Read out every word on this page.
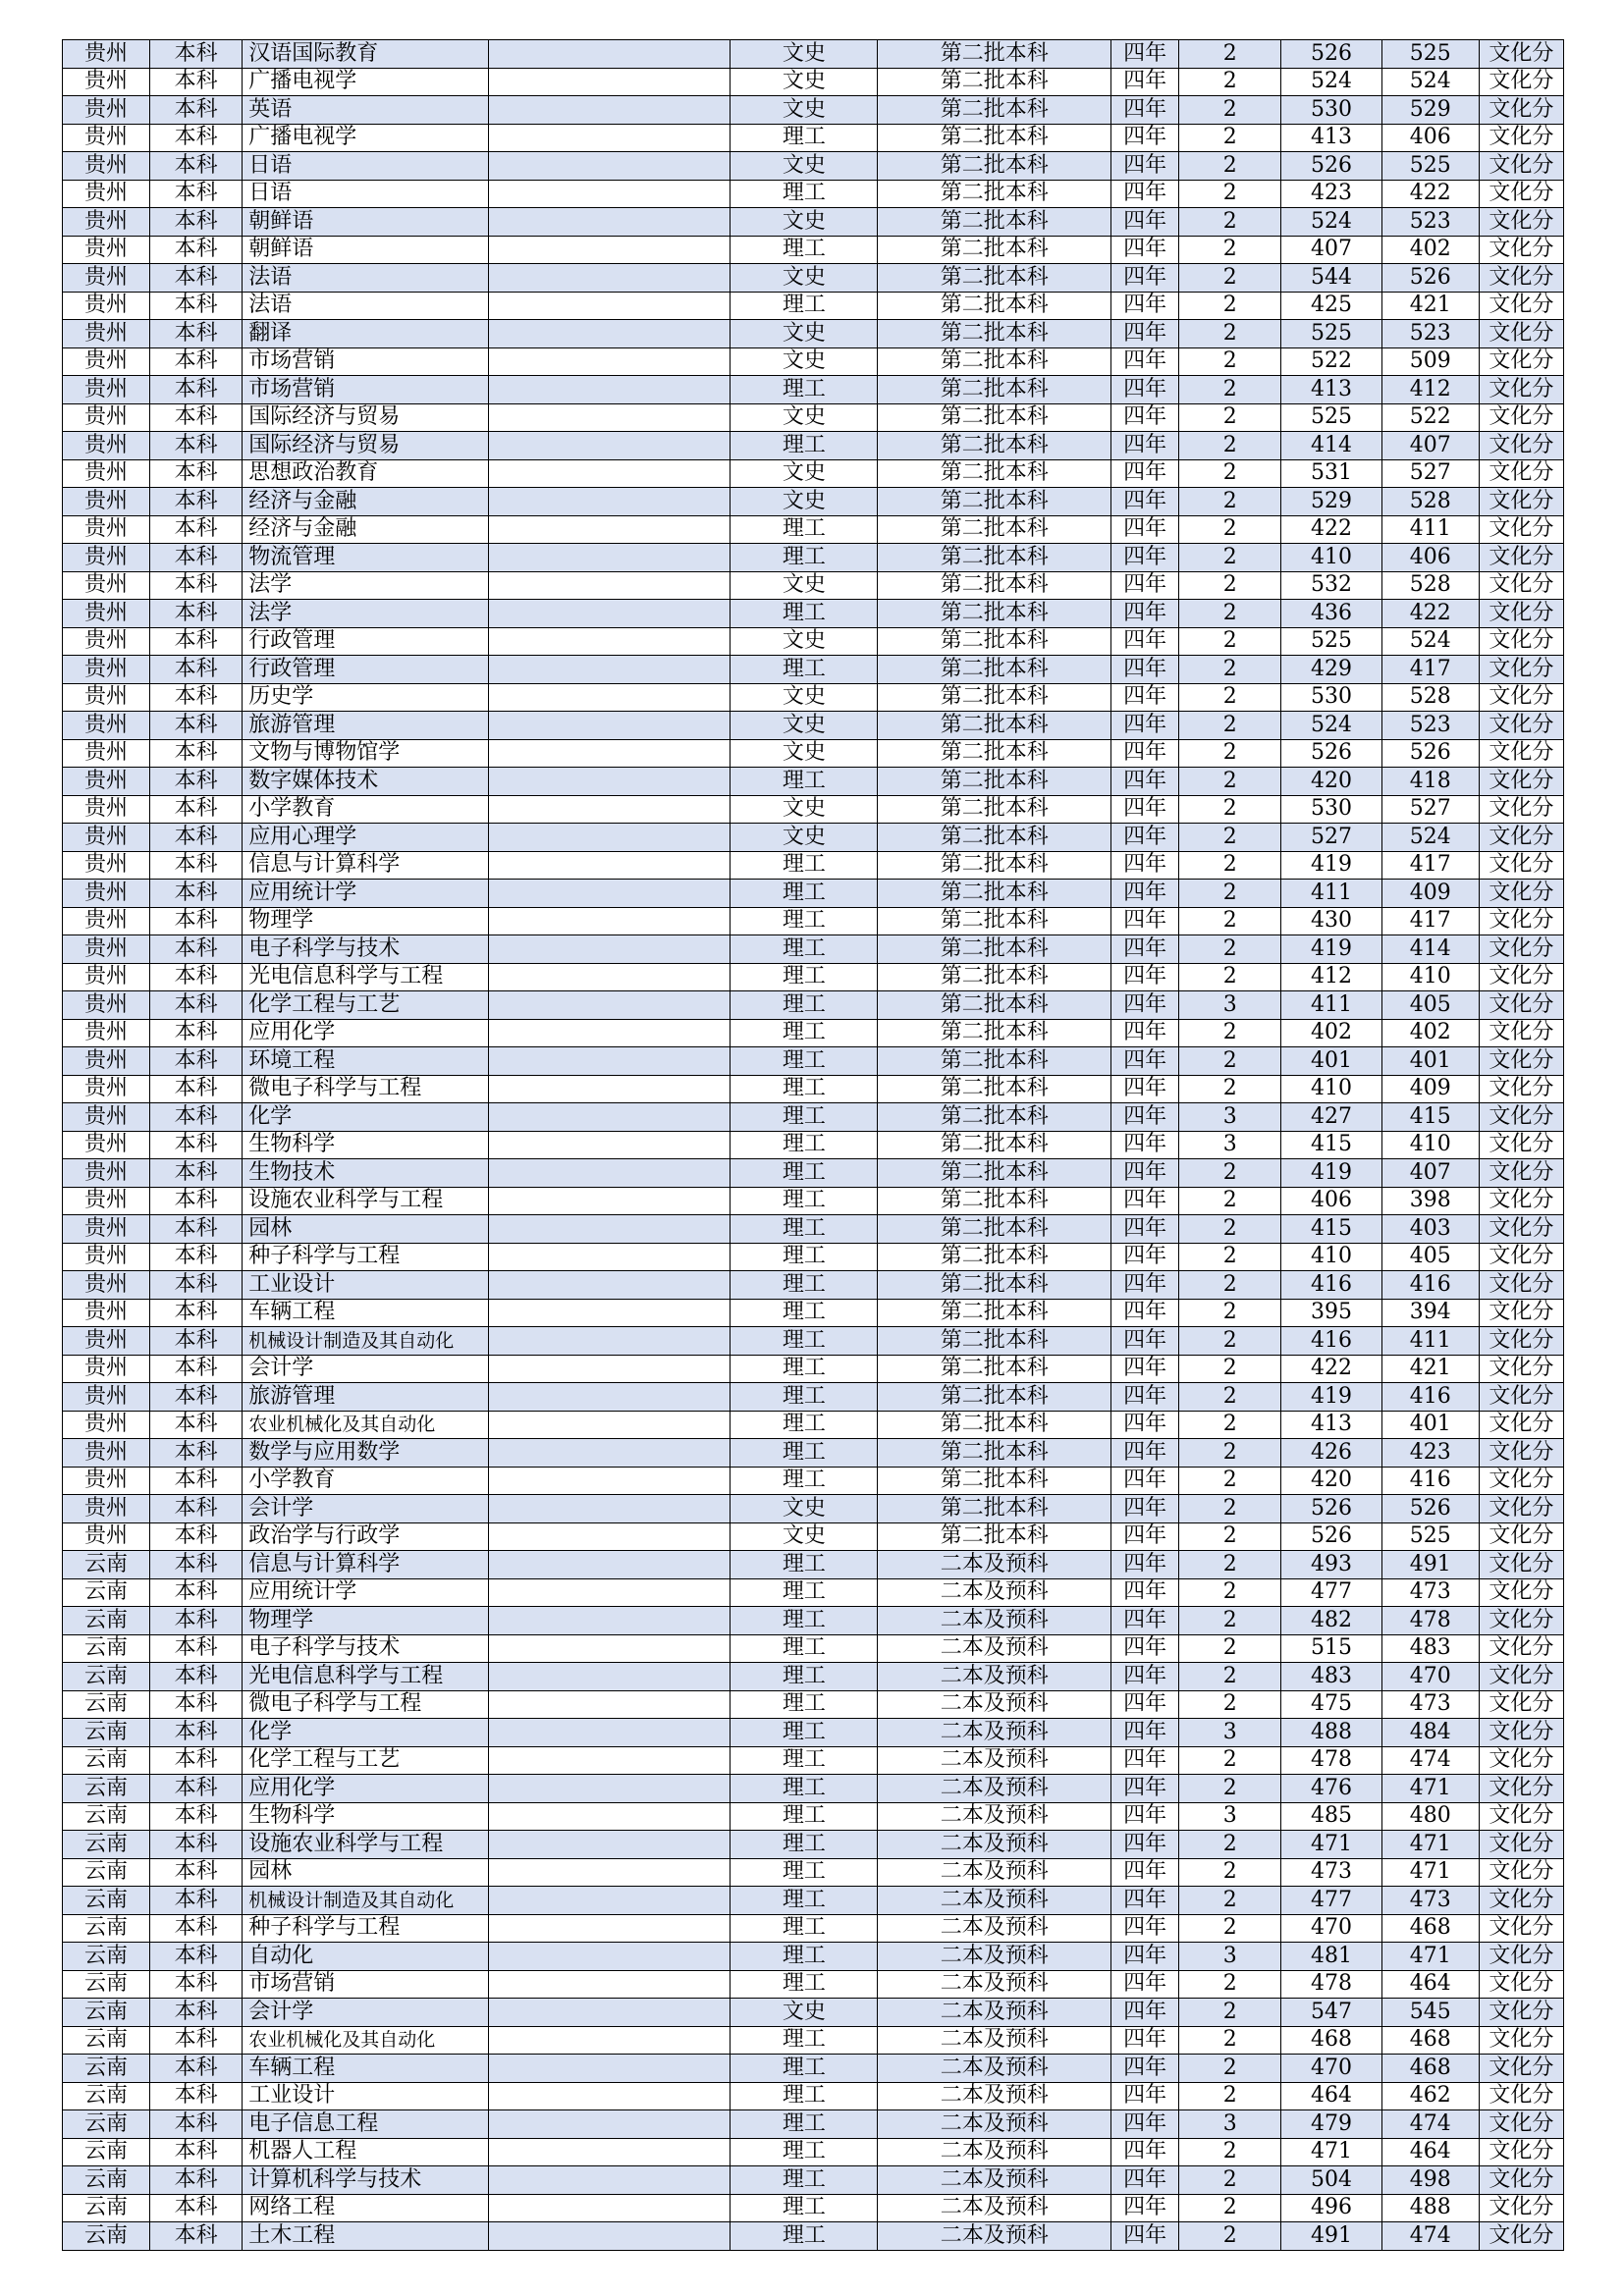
贵州	本科	汉语国际教育		文史	第二批本科	四年	2	526	525	文化分
贵州	本科	广播电视学		文史	第二批本科	四年	2	524	524	文化分
贵州	本科	英语		文史	第二批本科	四年	2	530	529	文化分
贵州	本科	广播电视学		理工	第二批本科	四年	2	413	406	文化分
贵州	本科	日语		文史	第二批本科	四年	2	526	525	文化分
贵州	本科	日语		理工	第二批本科	四年	2	423	422	文化分
贵州	本科	朝鲜语		文史	第二批本科	四年	2	524	523	文化分
贵州	本科	朝鲜语		理工	第二批本科	四年	2	407	402	文化分
贵州	本科	法语		文史	第二批本科	四年	2	544	526	文化分
贵州	本科	法语		理工	第二批本科	四年	2	425	421	文化分
贵州	本科	翻译		文史	第二批本科	四年	2	525	523	文化分
贵州	本科	市场营销		文史	第二批本科	四年	2	522	509	文化分
贵州	本科	市场营销		理工	第二批本科	四年	2	413	412	文化分
贵州	本科	国际经济与贸易		文史	第二批本科	四年	2	525	522	文化分
贵州	本科	国际经济与贸易		理工	第二批本科	四年	2	414	407	文化分
贵州	本科	思想政治教育		文史	第二批本科	四年	2	531	527	文化分
贵州	本科	经济与金融		文史	第二批本科	四年	2	529	528	文化分
贵州	本科	经济与金融		理工	第二批本科	四年	2	422	411	文化分
贵州	本科	物流管理		理工	第二批本科	四年	2	410	406	文化分
贵州	本科	法学		文史	第二批本科	四年	2	532	528	文化分
贵州	本科	法学		理工	第二批本科	四年	2	436	422	文化分
贵州	本科	行政管理		文史	第二批本科	四年	2	525	524	文化分
贵州	本科	行政管理		理工	第二批本科	四年	2	429	417	文化分
贵州	本科	历史学		文史	第二批本科	四年	2	530	528	文化分
贵州	本科	旅游管理		文史	第二批本科	四年	2	524	523	文化分
贵州	本科	文物与博物馆学		文史	第二批本科	四年	2	526	526	文化分
贵州	本科	数字媒体技术		理工	第二批本科	四年	2	420	418	文化分
贵州	本科	小学教育		文史	第二批本科	四年	2	530	527	文化分
贵州	本科	应用心理学		文史	第二批本科	四年	2	527	524	文化分
贵州	本科	信息与计算科学		理工	第二批本科	四年	2	419	417	文化分
贵州	本科	应用统计学		理工	第二批本科	四年	2	411	409	文化分
贵州	本科	物理学		理工	第二批本科	四年	2	430	417	文化分
贵州	本科	电子科学与技术		理工	第二批本科	四年	2	419	414	文化分
贵州	本科	光电信息科学与工程		理工	第二批本科	四年	2	412	410	文化分
贵州	本科	化学工程与工艺		理工	第二批本科	四年	3	411	405	文化分
贵州	本科	应用化学		理工	第二批本科	四年	2	402	402	文化分
贵州	本科	环境工程		理工	第二批本科	四年	2	401	401	文化分
贵州	本科	微电子科学与工程		理工	第二批本科	四年	2	410	409	文化分
贵州	本科	化学		理工	第二批本科	四年	3	427	415	文化分
贵州	本科	生物科学		理工	第二批本科	四年	3	415	410	文化分
贵州	本科	生物技术		理工	第二批本科	四年	2	419	407	文化分
贵州	本科	设施农业科学与工程		理工	第二批本科	四年	2	406	398	文化分
贵州	本科	园林		理工	第二批本科	四年	2	415	403	文化分
贵州	本科	种子科学与工程		理工	第二批本科	四年	2	410	405	文化分
贵州	本科	工业设计		理工	第二批本科	四年	2	416	416	文化分
贵州	本科	车辆工程		理工	第二批本科	四年	2	395	394	文化分
贵州	本科	机械设计制造及其自动化		理工	第二批本科	四年	2	416	411	文化分
贵州	本科	会计学		理工	第二批本科	四年	2	422	421	文化分
贵州	本科	旅游管理		理工	第二批本科	四年	2	419	416	文化分
贵州	本科	农业机械化及其自动化		理工	第二批本科	四年	2	413	401	文化分
贵州	本科	数学与应用数学		理工	第二批本科	四年	2	426	423	文化分
贵州	本科	小学教育		理工	第二批本科	四年	2	420	416	文化分
贵州	本科	会计学		文史	第二批本科	四年	2	526	526	文化分
贵州	本科	政治学与行政学		文史	第二批本科	四年	2	526	525	文化分
云南	本科	信息与计算科学		理工	二本及预科	四年	2	493	491	文化分
云南	本科	应用统计学		理工	二本及预科	四年	2	477	473	文化分
云南	本科	物理学		理工	二本及预科	四年	2	482	478	文化分
云南	本科	电子科学与技术		理工	二本及预科	四年	2	515	483	文化分
云南	本科	光电信息科学与工程		理工	二本及预科	四年	2	483	470	文化分
云南	本科	微电子科学与工程		理工	二本及预科	四年	2	475	473	文化分
云南	本科	化学		理工	二本及预科	四年	3	488	484	文化分
云南	本科	化学工程与工艺		理工	二本及预科	四年	2	478	474	文化分
云南	本科	应用化学		理工	二本及预科	四年	2	476	471	文化分
云南	本科	生物科学		理工	二本及预科	四年	3	485	480	文化分
云南	本科	设施农业科学与工程		理工	二本及预科	四年	2	471	471	文化分
云南	本科	园林		理工	二本及预科	四年	2	473	471	文化分
云南	本科	机械设计制造及其自动化		理工	二本及预科	四年	2	477	473	文化分
云南	本科	种子科学与工程		理工	二本及预科	四年	2	470	468	文化分
云南	本科	自动化		理工	二本及预科	四年	3	481	471	文化分
云南	本科	市场营销		理工	二本及预科	四年	2	478	464	文化分
云南	本科	会计学		文史	二本及预科	四年	2	547	545	文化分
云南	本科	农业机械化及其自动化		理工	二本及预科	四年	2	468	468	文化分
云南	本科	车辆工程		理工	二本及预科	四年	2	470	468	文化分
云南	本科	工业设计		理工	二本及预科	四年	2	464	462	文化分
云南	本科	电子信息工程		理工	二本及预科	四年	3	479	474	文化分
云南	本科	机器人工程		理工	二本及预科	四年	2	471	464	文化分
云南	本科	计算机科学与技术		理工	二本及预科	四年	2	504	498	文化分
云南	本科	网络工程		理工	二本及预科	四年	2	496	488	文化分
云南	本科	土木工程		理工	二本及预科	四年	2	491	474	文化分
